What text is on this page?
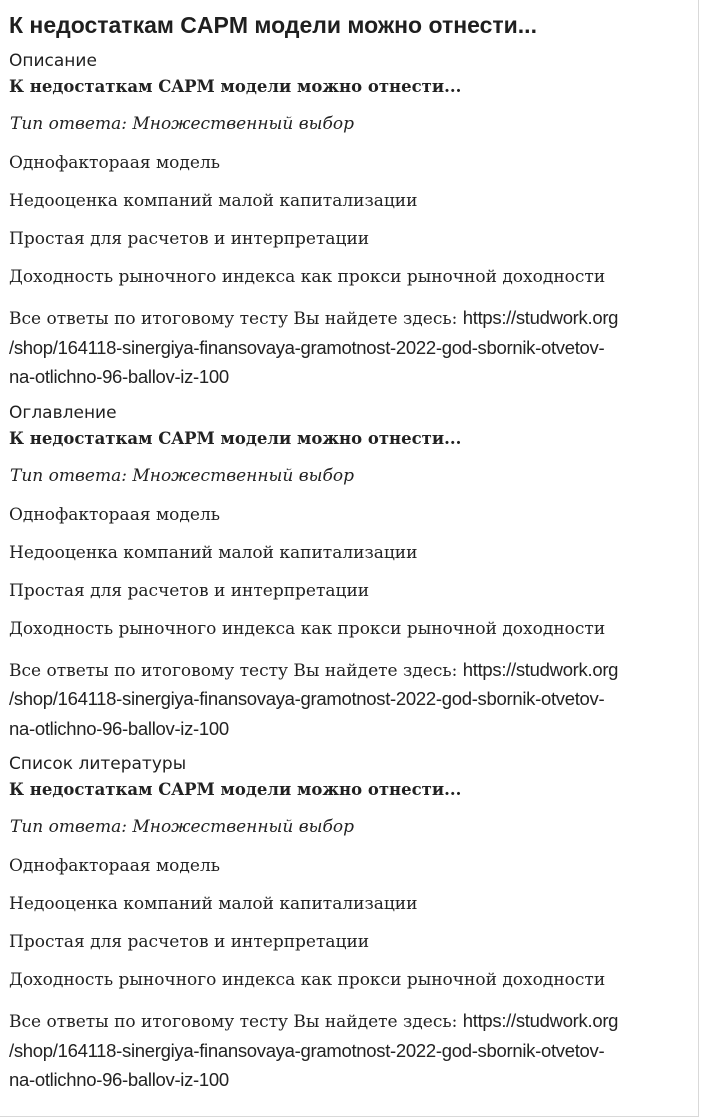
К недостаткам CAPM модели можно отнести...
Описание
К недостаткам CAPM модели можно отнести...
Тип ответа: Множественный выбор
Однофактораая модель
Недооценка компаний малой капитализации
Простая для расчетов и интерпретации
Доходность рыночного индекса как прокси рыночной доходности
Все ответы по итоговому тесту Вы найдете здесь: https://studwork.org
/shop/164118-sinergiya-finansovaya-gramotnost-2022-god-sbornik-otvetov-
na-otlichno-96-ballov-iz-100
Оглавление
К недостаткам CAPM модели можно отнести...
Тип ответа: Множественный выбор
Однофактораая модель
Недооценка компаний малой капитализации
Простая для расчетов и интерпретации
Доходность рыночного индекса как прокси рыночной доходности
Все ответы по итоговому тесту Вы найдете здесь: https://studwork.org
/shop/164118-sinergiya-finansovaya-gramotnost-2022-god-sbornik-otvetov-
na-otlichno-96-ballov-iz-100
Список литературы
К недостаткам CAPM модели можно отнести...
Тип ответа: Множественный выбор
Однофактораая модель
Недооценка компаний малой капитализации
Простая для расчетов и интерпретации
Доходность рыночного индекса как прокси рыночной доходности
Все ответы по итоговому тесту Вы найдете здесь: https://studwork.org
/shop/164118-sinergiya-finansovaya-gramotnost-2022-god-sbornik-otvetov-
na-otlichno-96-ballov-iz-100
